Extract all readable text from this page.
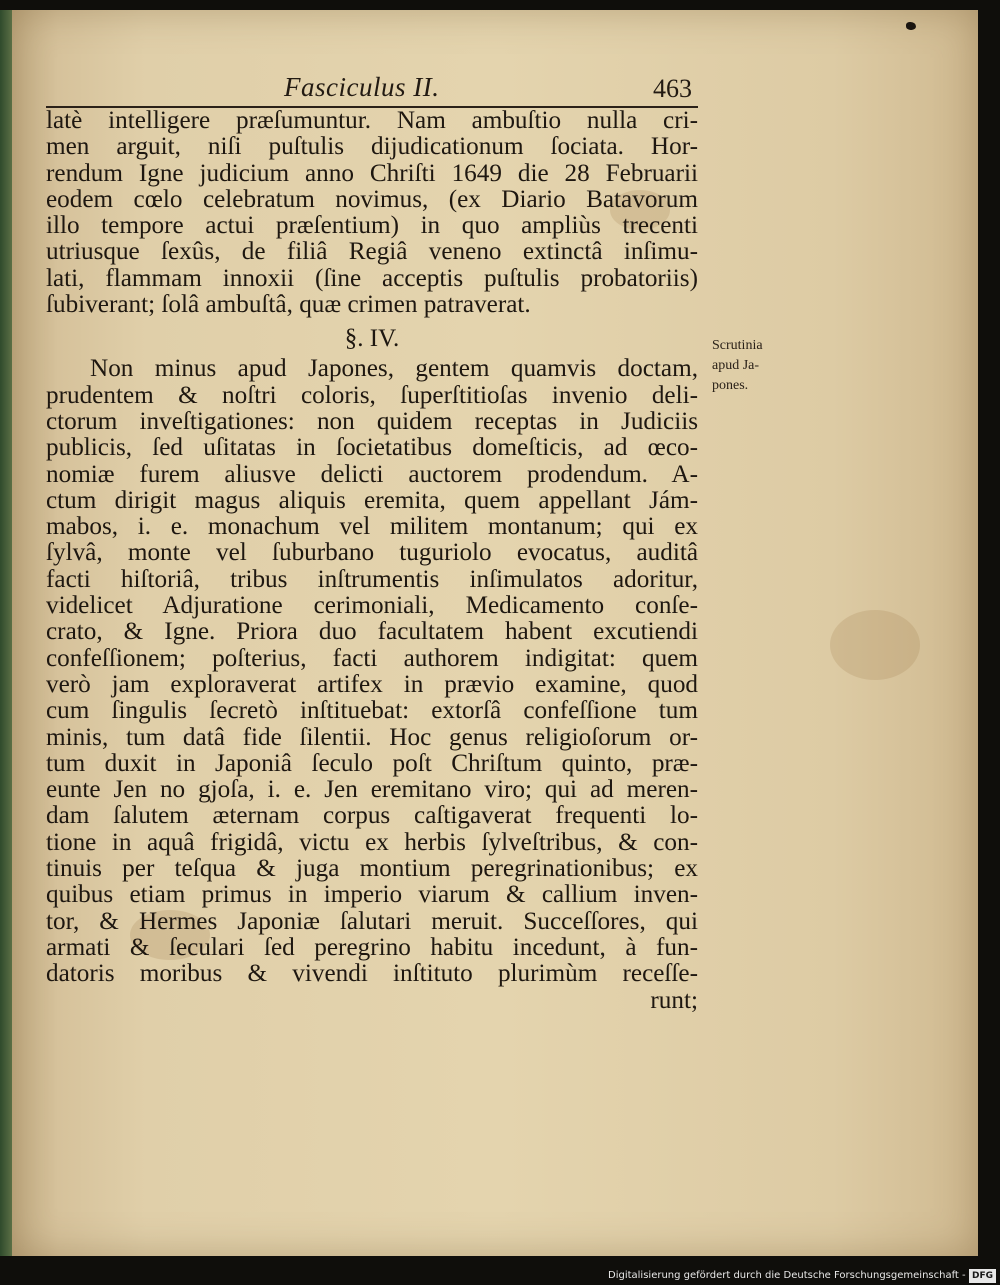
Fasciculus II.	463
latè intelligere præſumuntur. Nam ambuſtio nulla cri-
men arguit, niſi puſtulis dijudicationum ſociata. Hor-
rendum Igne judicium anno Chriſti 1649 die 28 Februarii
eodem cœlo celebratum novimus, (ex Diario Batavorum
illo tempore actui præſentium) in quo ampliùs trecenti
utriusque ſexûs, de filiâ Regiâ veneno extinctâ inſimu-
lati, flammam innoxii (ſine acceptis puſtulis probatoriis)
ſubiverant; ſolâ ambuſtâ, quæ crimen patraverat.
§. IV.
Non minus apud Japones, gentem quamvis doctam,
prudentem & noſtri coloris, ſuperſtitioſas invenio deli-
ctorum inveſtigationes: non quidem receptas in Judiciis
publicis, ſed uſitatas in ſocietatibus domeſticis, ad œco-
nomiæ furem aliusve delicti auctorem prodendum. A-
ctum dirigit magus aliquis eremita, quem appellant Jám-
mabos, i. e. monachum vel militem montanum; qui ex
ſylvâ, monte vel ſuburbano tuguriolo evocatus, auditâ
facti hiſtoriâ, tribus inſtrumentis inſimulatos adoritur,
videlicet Adjuratione cerimoniali, Medicamento conſe-
crato, & Igne. Priora duo facultatem habent excutiendi
confeſſionem; poſterius, facti authorem indigitat: quem
verò jam exploraverat artifex in prævio examine, quod
cum ſingulis ſecretò inſtituebat: extorſâ confeſſione tum
minis, tum datâ fide ſilentii. Hoc genus religioſorum or-
tum duxit in Japoniâ ſeculo poſt Chriſtum quinto, præ-
eunte Jen no gjoſa, i. e. Jen eremitano viro; qui ad meren-
dam ſalutem æternam corpus caſtigaverat frequenti lo-
tione in aquâ frigidâ, victu ex herbis ſylveſtribus, & con-
tinuis per teſqua & juga montium peregrinationibus; ex
quibus etiam primus in imperio viarum & callium inven-
tor, & Hermes Japoniæ ſalutari meruit. Succeſſores, qui
armati & ſeculari ſed peregrino habitu incedunt, à fun-
datoris moribus & vivendi inſtituto plurimùm receſſe-
runt;
Scrutinia
apud Ja-
pones.
Digitalisierung gefördert durch die Deutsche Forschungsgemeinschaft - DFG
